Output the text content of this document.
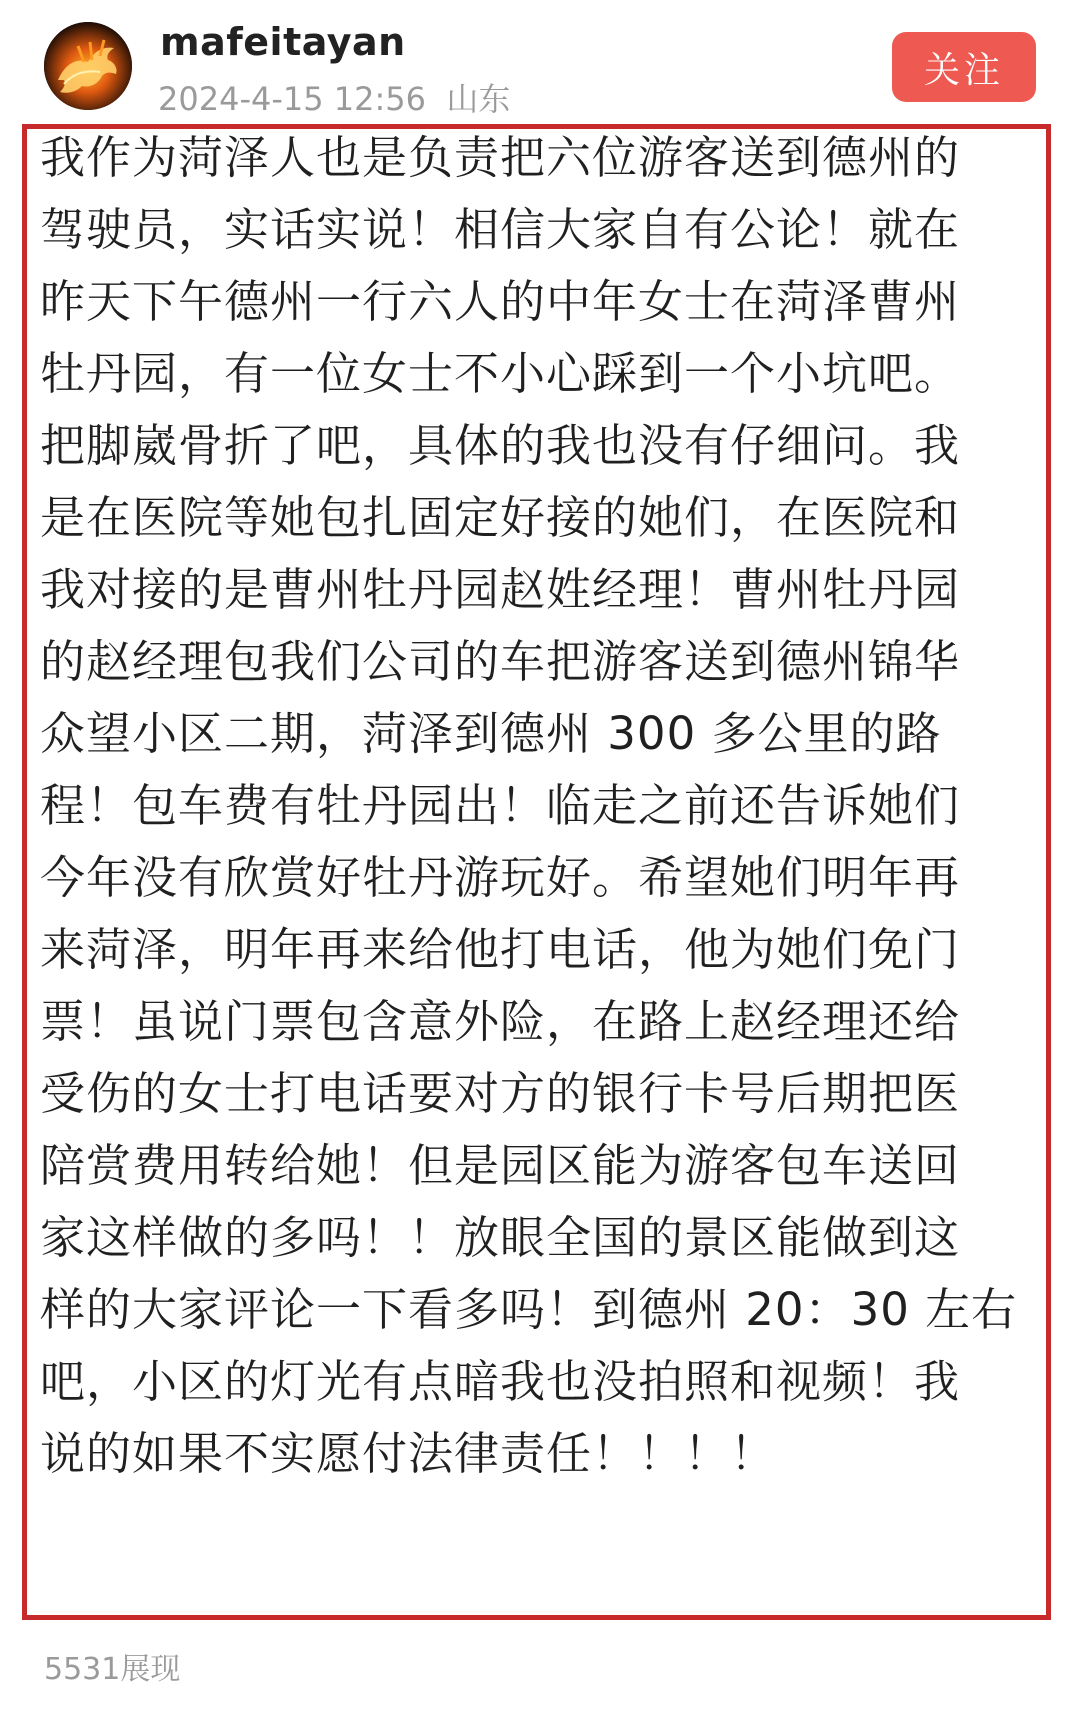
mafeitayan
2024-4-15 12:56  山东
关注
我作为菏泽人也是负责把六位游客送到德州的
驾驶员，实话实说！相信大家自有公论！就在
昨天下午德州一行六人的中年女士在菏泽曹州
牡丹园，有一位女士不小心踩到一个小坑吧。
把脚崴骨折了吧，具体的我也没有仔细问。我
是在医院等她包扎固定好接的她们，在医院和
我对接的是曹州牡丹园赵姓经理！曹州牡丹园
的赵经理包我们公司的车把游客送到德州锦华
众望小区二期，菏泽到德州 300 多公里的路
程！包车费有牡丹园出！临走之前还告诉她们
今年没有欣赏好牡丹游玩好。希望她们明年再
来菏泽，明年再来给他打电话，他为她们免门
票！虽说门票包含意外险，在路上赵经理还给
受伤的女士打电话要对方的银行卡号后期把医
陪赏费用转给她！但是园区能为游客包车送回
家这样做的多吗！！放眼全国的景区能做到这
样的大家评论一下看多吗！到德州 20：30 左右
吧，小区的灯光有点暗我也没拍照和视频！我
说的如果不实愿付法律责任！！！！
5531展现
